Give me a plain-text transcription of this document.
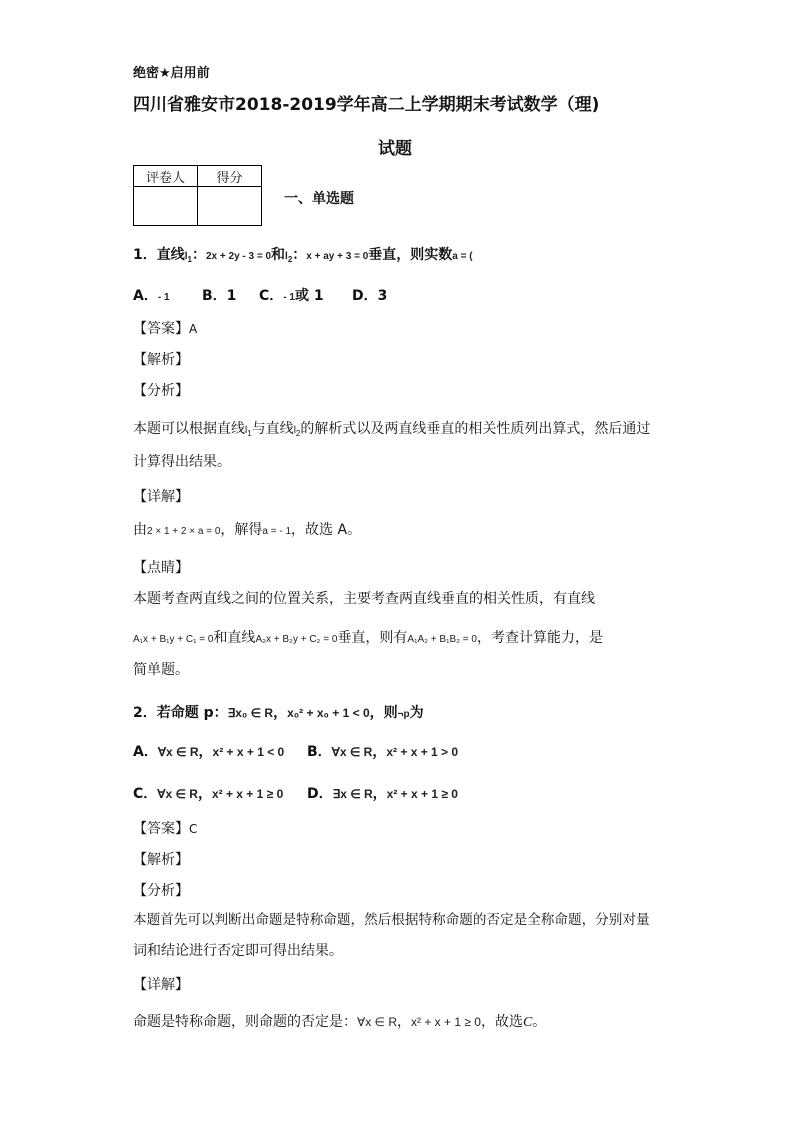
绝密★启用前
四川省雅安市2018-2019学年高二上学期期末考试数学（理)
试题
评卷人	得分

一、单选题
1．直线$l_1$：2x + 2y - 3 = 0和$l_2$：x + ay + 3 = 0垂直，则实数a = (
A．- 1 B．1 C．- 1或 1 D．3
【答案】A
【解析】
【分析】
本题可以根据直线$l_1$与直线$l_2$的解析式以及两直线垂直的相关性质列出算式，然后通过
计算得出结果。
【详解】
由2 × 1 + 2 × a = 0，解得a = - 1，故选 A。
【点睛】
本题考查两直线之间的位置关系，主要考查两直线垂直的相关性质，有直线
A₁x + B₁y + C₁ = 0和直线A₂x + B₂y + C₂ = 0垂直，则有A₁A₂ + B₁B₂ = 0，考查计算能力，是
简单题。
2．若命题 p：∃x₀ ∈ R，x₀² + x₀ + 1 < 0，则¬p为
A．∀x ∈ R，x² + x + 1 < 0 B．∀x ∈ R，x² + x + 1 > 0
C．∀x ∈ R，x² + x + 1 ≥ 0 D．∃x ∈ R，x² + x + 1 ≥ 0
【答案】C
【解析】
【分析】
本题首先可以判断出命题是特称命题，然后根据特称命题的否定是全称命题，分别对量
词和结论进行否定即可得出结果。
【详解】
命题是特称命题，则命题的否定是：∀x ∈ R，x² + x + 1 ≥ 0，故选C。
